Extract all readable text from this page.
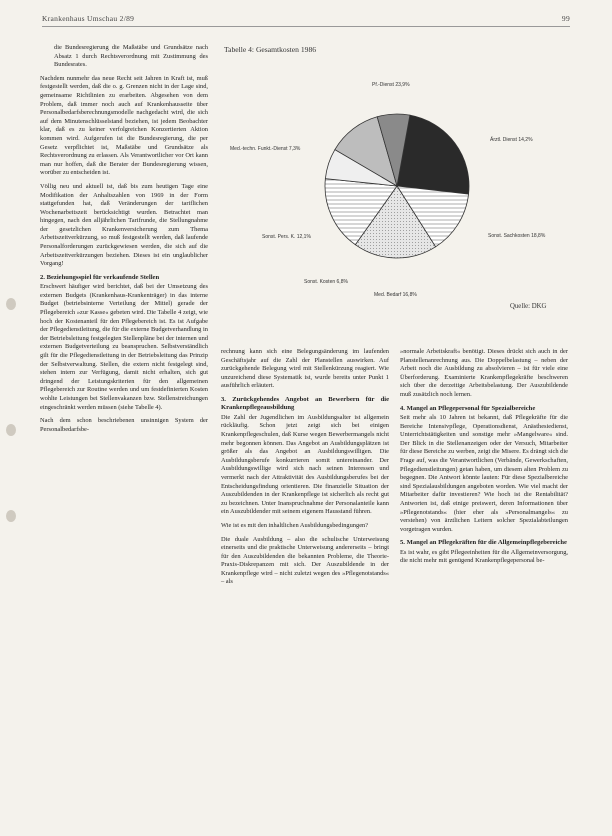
Krankenhaus Umschau 2/89	99

die Bundesregierung die Maßstäbe und Grundsätze nach Absatz 1 durch Rechtsverordnung mit Zustimmung des Bundesrates.

Nachdem nunmehr das neue Recht seit Jahren in Kraft ist, muß festgestellt werden, daß die o. g. Grenzen nicht in der Lage sind, gemeinsame Richtlinien zu erarbeiten. Abgesehen von dem Problem, daß immer noch auch auf Krankenhausseite über Personalbedarfsberechnungsmodelle nachgedacht wird, die sich auf dem Minutenschlüsselstand beziehen, ist jedem Beobachter klar, daß es zu keiner verfolgreichen Konzertierten Aktion kommen wird. Aufgerufen ist die Bundesregierung, die per Gesetz verpflichtet ist, Maßstäbe und Grundsätze als Rechtsverordnung zu erlassen. Als Verantwortlicher vor Ort kann man nur hoffen, daß die Berater der Bundesregierung wissen, worüber zu entscheiden ist.

Völlig neu und aktuell ist, daß bis zum heutigen Tage eine Modifikation der Anhaltszahlen von 1969 in der Form stattgefunden hat, daß Veränderungen der tariflichen Wochenarbeitszeit berücksichtigt wurden. Betrachtet man hingegen, nach den alljährlichen Tarifrunde, die Stellungnahme der gesetzlichen Krankenversicherung zum Thema Arbeitszeitverkürzung, so muß festgestellt werden, daß laufende Personalforderungen zurückgewiesen werden, die sich auf die Arbeitszeitverkürzungen beziehen. Dieses ist ein unglaublicher Vorgang!

2. Beziehungsspiel für verkaufende Stellen

Erschwert häufiger wird berichtet, daß bei der Umsetzung des externen Budgets (Krankenhaus-Krankenträger) in das interne Budget (betriebsinterne Verteilung der Mittel) gerade der Pflegebereich »zur Kasse« gebeten wird. Die Tabelle 4 zeigt, wie hoch der Kostenanteil für den Pflegebereich ist. Es ist Aufgabe der Pflegedienstleitung, die für die externe Budgetverhandlung in der Betriebsleitung festgelegten Stellenpläne bei der internen und externen Budgetverteilung zu beanspruchen. Selbstverständlich gilt für die Pflegedienstleitung in der Betriebsleitung das Prinzip der Selbstverwaltung. Stellen, die extern nicht festgelegt sind, stehen intern zur Verfügung, damit nicht erhalten, sich gut dringend der Leistungskriterien für den allgemeinen Pflegebereich zur Routine werden und um festdefinierten Kosten wohlte Leistungen bei Stellenvakanzen bzw. Stellenstreichungen eingeschränkt werden müssen (siehe Tabelle 4).

Nach dem schon beschriebenen unsinnigen System der Personalbedarfsbe-

Tabelle 4: Gesamtkosten 1986
Pf.-Dienst 23,9%
Ärztl. Dienst 14,2%
Sonst. Sachkosten 18,8%
Med. Bedarf 16,8%
Sonst. Kosten 6,8%
Sonst. Pers. K. 12,1%
Med.-techn. Funkt.-Dienst 7,3%
Quelle: DKG

rechnung kann sich eine Belegungsänderung im laufenden Geschäftsjahr auf die Zahl der Planstellen auswirken. Auf zurückgehende Belegung wird mit Stellenkürzung reagiert. Wie unzureichend diese Systematik ist, wurde bereits unter Punkt 1 ausführlich erläutert.

3. Zurückgehendes Angebot an Bewerbern für die Krankenpflegeausbildung

Die Zahl der Jugendlichen im Ausbildungsalter ist allgemein rückläufig. Schon jetzt zeigt sich bei einigen Krankenpflegeschulen, daß Kurse wegen Bewerbermangels nicht mehr begonnen können. Das Angebot an Ausbildungsplätzen ist größer als das Angebot an Ausbildungswilligen. Die Ausbildungsberufe konkurrieren somit untereinander. Der Ausbildungswillige wird sich nach seinen Interessen und vermerkt nach der Attraktivität des Ausbildungsberufes bei der Entscheidungsfindung orientieren. Die finanzielle Situation der Auszubildenden in der Krankenpflege ist sicherlich als recht gut zu bezeichnen. Unter Inanspruchnahme der Personalanteile kann ein Auszubildender mit seinem eigenem Hausstand führen.

Wie ist es mit den inhaltlichen Ausbildungsbedingungen?

Die duale Ausbildung – also die schulische Unterweisung einerseits und die praktische Unterweisung andererseits – bringt für den Auszubildenden die bekannten Probleme, die Theorie-Praxis-Diskrepanzen mit sich. Der Auszubildende in der Krankenpflege wird – nicht zuletzt wegen des »Pflegenotstands« – als

»normale Arbeitskraft« benötigt. Dieses drückt sich auch in der Planstellenanrechnung aus. Die Doppelbelastung – neben der Arbeit noch die Ausbildung zu absolvieren – ist für viele eine Überforderung. Examinierte Krankenpflegekräfte beschweren sich über die derzeitige Arbeitsbelastung. Der Auszubildende muß zusätzlich noch lernen.

4. Mangel an Pflegepersonal für Spezialbereiche

Seit mehr als 10 Jahren ist bekannt, daß Pflegekräfte für die Bereiche Intensivpflege, Operationsdienst, Anästhesiedienst, Unterrichtstätigkeiten und sonstige mehr »Mangelware« sind. Der Blick in die Stellenanzeigen oder der Versuch, Mitarbeiter für diese Bereiche zu werben, zeigt die Misere. Es drängt sich die Frage auf, was die Verantwortlichen (Verbände, Gewerkschaften, Pflegedienstleitungen) getan haben, um diesem alten Problem zu begegnen. Die Antwort könnte lauten: Für diese Spezialbereiche sind Spezialausbildungen angeboten worden. Wie viel macht der Mitarbeiter dafür investieren? Wie hoch ist die Rentabilität? Antworten ist, daß einige preiswert, deren Informationen über »Pflegenotstands« (hier eher als »Personalmangels« zu verstehen) von ärztlichen Leitern solcher Spezialabteilungen vorgetragen wurden.

5. Mangel an Pflegekräften für die Allgemeinpflegebereiche

Es ist wahr, es gibt Pflegeeinheiten für die Allgemeinversorgung, die nicht mehr mit genügend Krankenpflegepersonal be-
